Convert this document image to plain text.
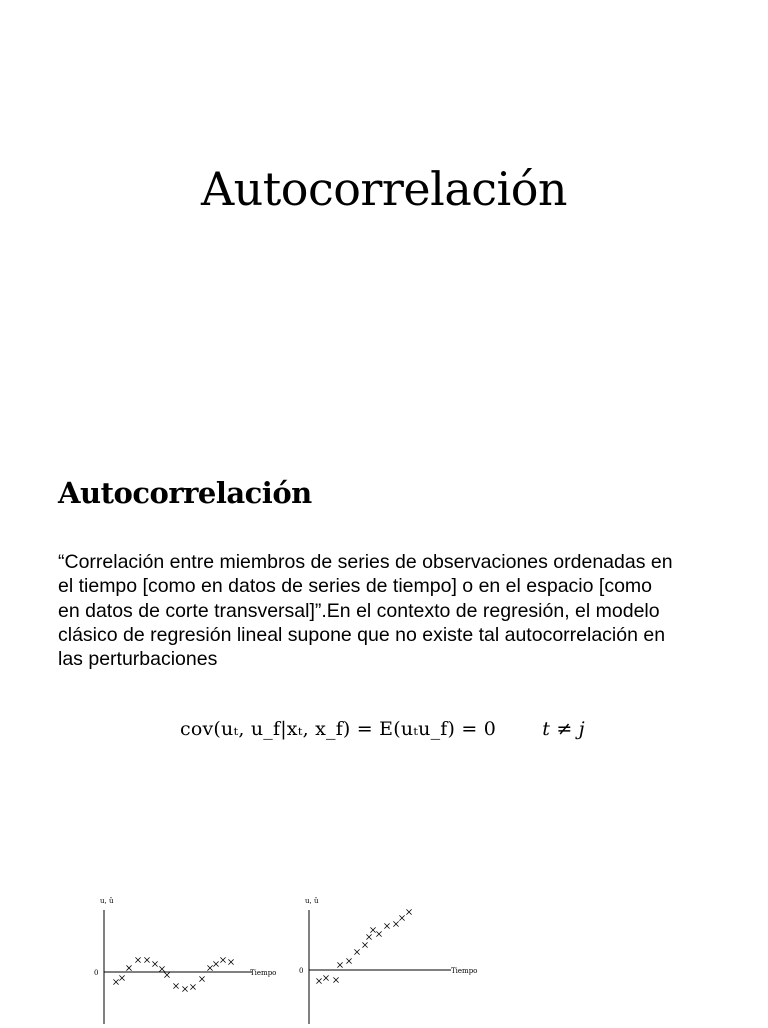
Autocorrelación
Autocorrelación
“Correlación entre miembros de series de observaciones ordenadas en
el tiempo [como en datos de series de tiempo] o en el espacio [como
en datos de corte transversal]”.En el contexto de regresión, el modelo
clásico de regresión lineal supone que no existe tal autocorrelación en
las perturbaciones
cov(uₜ, u_f|xₜ, x_f) = E(uₜu_f) = 0 t ≠ j
u, û
0	Tiempo
u, û
0	Tiempo
